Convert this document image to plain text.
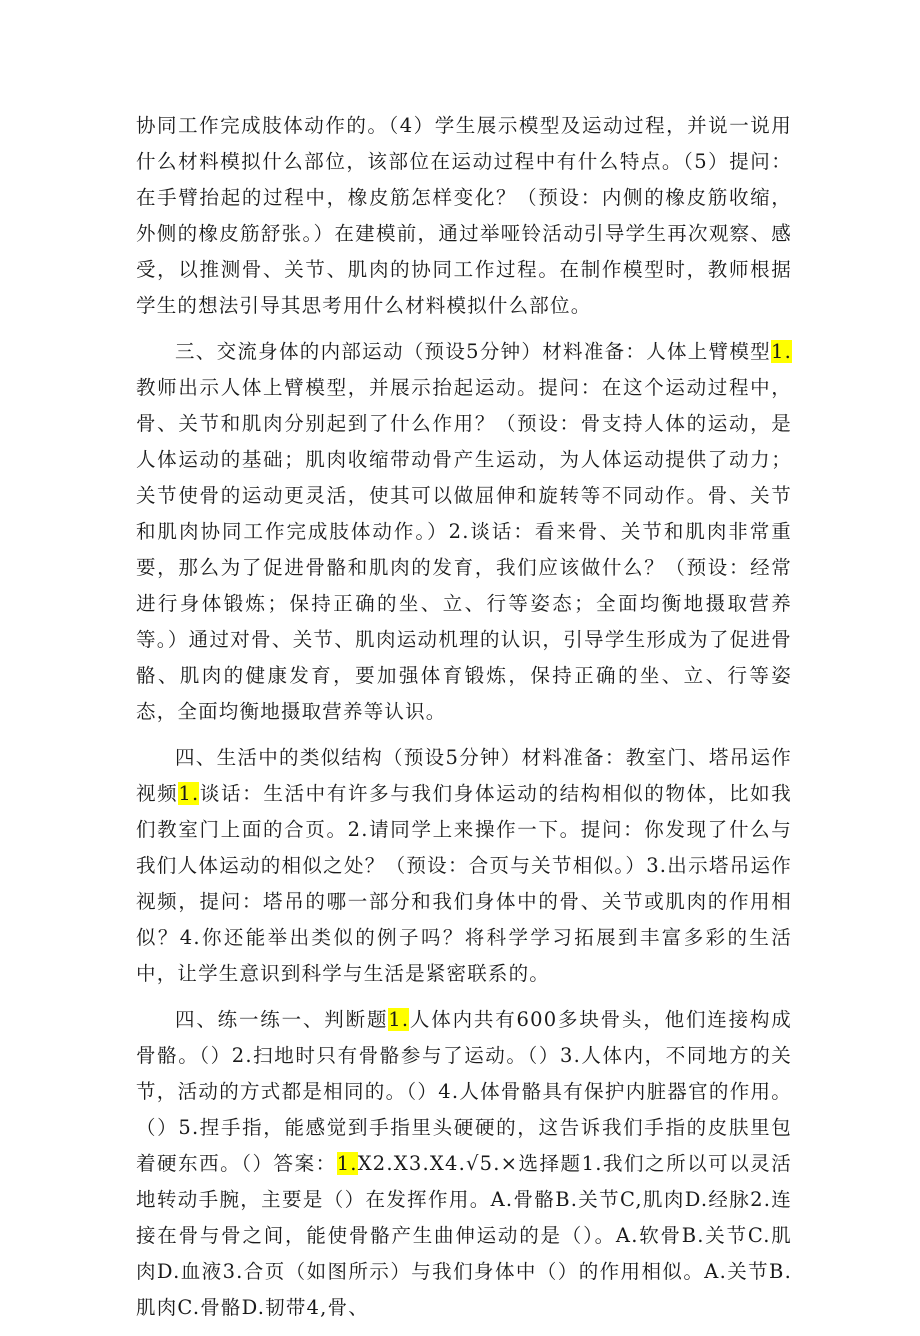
协同工作完成肢体动作的。（4）学生展示模型及运动过程，并说一说用什么材料模拟什么部位，该部位在运动过程中有什么特点。（5）提问：在手臂抬起的过程中，橡皮筋怎样变化？（预设：内侧的橡皮筋收缩，外侧的橡皮筋舒张。）在建模前，通过举哑铃活动引导学生再次观察、感受，以推测骨、关节、肌肉的协同工作过程。在制作模型时，教师根据学生的想法引导其思考用什么材料模拟什么部位。

三、交流身体的内部运动（预设5分钟）材料准备：人体上臂模型1.教师出示人体上臂模型，并展示抬起运动。提问：在这个运动过程中，骨、关节和肌肉分别起到了什么作用？（预设：骨支持人体的运动，是人体运动的基础；肌肉收缩带动骨产生运动，为人体运动提供了动力；关节使骨的运动更灵活，使其可以做屈伸和旋转等不同动作。骨、关节和肌肉协同工作完成肢体动作。）2.谈话：看来骨、关节和肌肉非常重要，那么为了促进骨骼和肌肉的发育，我们应该做什么？（预设：经常进行身体锻炼；保持正确的坐、立、行等姿态；全面均衡地摄取营养等。）通过对骨、关节、肌肉运动机理的认识，引导学生形成为了促进骨骼、肌肉的健康发育，要加强体育锻炼，保持正确的坐、立、行等姿态，全面均衡地摄取营养等认识。

四、生活中的类似结构（预设5分钟）材料准备：教室门、塔吊运作视频1.谈话：生活中有许多与我们身体运动的结构相似的物体，比如我们教室门上面的合页。2.请同学上来操作一下。提问：你发现了什么与我们人体运动的相似之处？（预设：合页与关节相似。）3.出示塔吊运作视频，提问：塔吊的哪一部分和我们身体中的骨、关节或肌肉的作用相似？4.你还能举出类似的例子吗？将科学学习拓展到丰富多彩的生活中，让学生意识到科学与生活是紧密联系的。

四、练一练一、判断题1.人体内共有600多块骨头，他们连接构成骨骼。（）2.扫地时只有骨骼参与了运动。（）3.人体内，不同地方的关节，活动的方式都是相同的。（）4.人体骨骼具有保护内脏器官的作用。（）5.捏手指，能感觉到手指里头硬硬的，这告诉我们手指的皮肤里包着硬东西。（）答案：1.X2.X3.X4.√5.×选择题1.我们之所以可以灵活地转动手腕，主要是（）在发挥作用。A.骨骼B.关节C,肌肉D.经脉2.连接在骨与骨之间，能使骨骼产生曲伸运动的是（）。A.软骨B.关节C.肌肉D.血液3.合页（如图所示）与我们身体中（）的作用相似。A.关节B.肌肉C.骨骼D.韧带4,骨、
